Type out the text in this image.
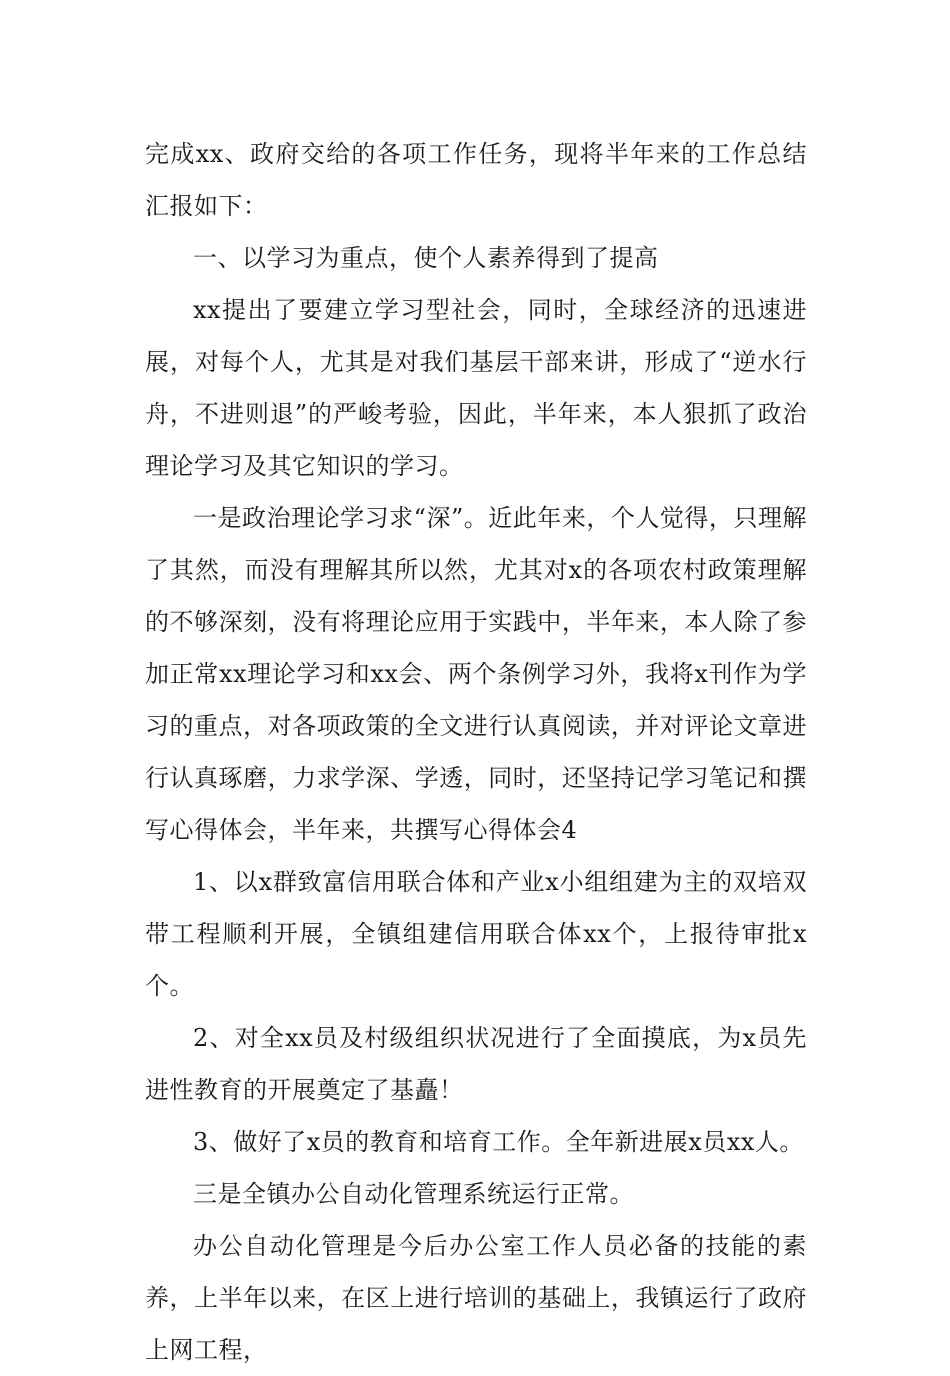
完成xx、政府交给的各项工作任务，现将半年来的工作总结汇报如下：

一、以学习为重点，使个人素养得到了提高

xx提出了要建立学习型社会，同时，全球经济的迅速进展，对每个人，尤其是对我们基层干部来讲，形成了“逆水行舟，不进则退”的严峻考验，因此，半年来，本人狠抓了政治理论学习及其它知识的学习。

一是政治理论学习求“深”。近此年来，个人觉得，只理解了其然，而没有理解其所以然，尤其对x的各项农村政策理解的不够深刻，没有将理论应用于实践中，半年来，本人除了参加正常xx理论学习和xx会、两个条例学习外，我将x刊作为学习的重点，对各项政策的全文进行认真阅读，并对评论文章进行认真琢磨，力求学深、学透，同时，还坚持记学习笔记和撰写心得体会，半年来，共撰写心得体会4

1、以x群致富信用联合体和产业x小组组建为主的双培双带工程顺利开展，全镇组建信用联合体xx个，上报待审批x个。

2、对全xx员及村级组织状况进行了全面摸底，为x员先进性教育的开展奠定了基矗！

3、做好了x员的教育和培育工作。全年新进展x员xx人。

三是全镇办公自动化管理系统运行正常。

办公自动化管理是今后办公室工作人员必备的技能的素养，上半年以来，在区上进行培训的基础上，我镇运行了政府上网工程，
